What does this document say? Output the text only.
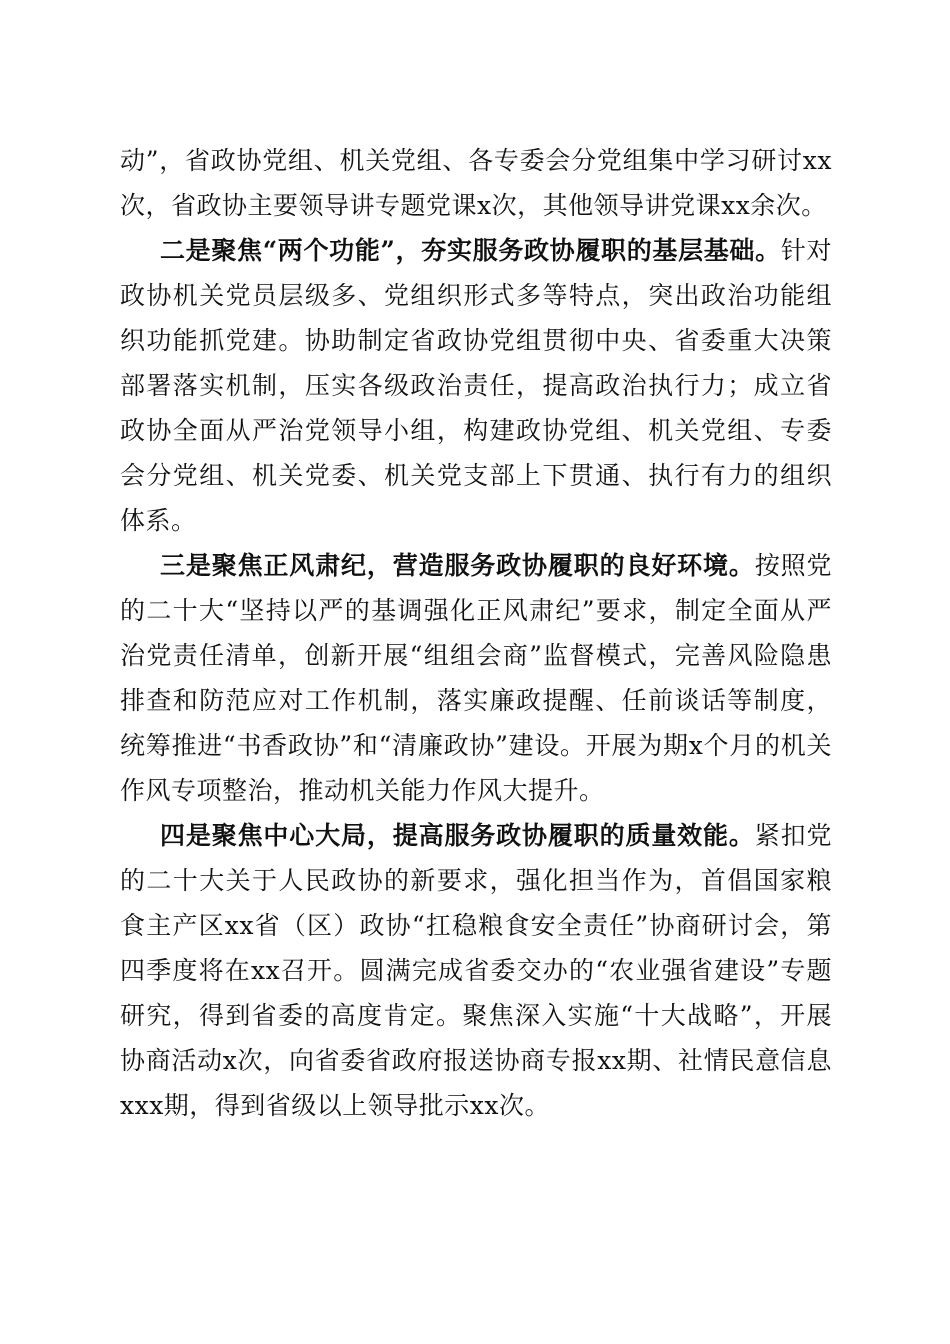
动”，省政协党组、机关党组、各专委会分党组集中学习研讨xx次，省政协主要领导讲专题党课x次，其他领导讲党课xx余次。

二是聚焦“两个功能”，夯实服务政协履职的基层基础。针对政协机关党员层级多、党组织形式多等特点，突出政治功能组织功能抓党建。协助制定省政协党组贯彻中央、省委重大决策部署落实机制，压实各级政治责任，提高政治执行力；成立省政协全面从严治党领导小组，构建政协党组、机关党组、专委会分党组、机关党委、机关党支部上下贯通、执行有力的组织体系。

三是聚焦正风肃纪，营造服务政协履职的良好环境。按照党的二十大“坚持以严的基调强化正风肃纪”要求，制定全面从严治党责任清单，创新开展“组组会商”监督模式，完善风险隐患排查和防范应对工作机制，落实廉政提醒、任前谈话等制度，统筹推进“书香政协”和“清廉政协”建设。开展为期x个月的机关作风专项整治，推动机关能力作风大提升。

四是聚焦中心大局，提高服务政协履职的质量效能。紧扣党的二十大关于人民政协的新要求，强化担当作为，首倡国家粮食主产区xx省（区）政协“扛稳粮食安全责任”协商研讨会，第四季度将在xx召开。圆满完成省委交办的“农业强省建设”专题研究，得到省委的高度肯定。聚焦深入实施“十大战略”，开展协商活动x次，向省委省政府报送协商专报xx期、社情民意信息xxx期，得到省级以上领导批示xx次。
